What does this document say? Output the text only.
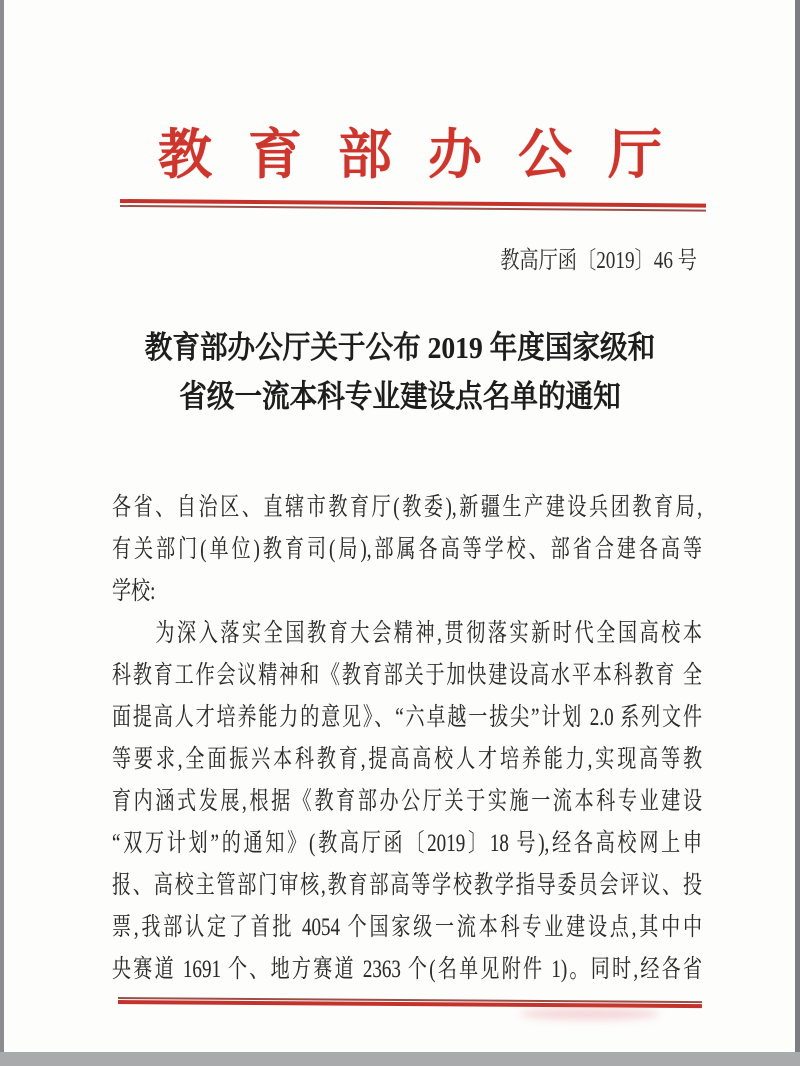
教育部办公厅
教高厅函〔2019〕46 号
教育部办公厅关于公布 2019 年度国家级和
省级一流本科专业建设点名单的通知
各省、自治区、直辖市教育厅(教委),新疆生产建设兵团教育局,
有关部门(单位)教育司(局),部属各高等学校、部省合建各高等
学校:
　　为深入落实全国教育大会精神,贯彻落实新时代全国高校本
科教育工作会议精神和《教育部关于加快建设高水平本科教育 全
面提高人才培养能力的意见》、“六卓越一拔尖”计划 2.0 系列文件
等要求,全面振兴本科教育,提高高校人才培养能力,实现高等教
育内涵式发展,根据《教育部办公厅关于实施一流本科专业建设
“双万计划”的通知》(教高厅函〔2019〕18 号),经各高校网上申
报、高校主管部门审核,教育部高等学校教学指导委员会评议、投
票,我部认定了首批 4054 个国家级一流本科专业建设点,其中中
央赛道 1691 个、地方赛道 2363 个(名单见附件 1)。同时,经各省
